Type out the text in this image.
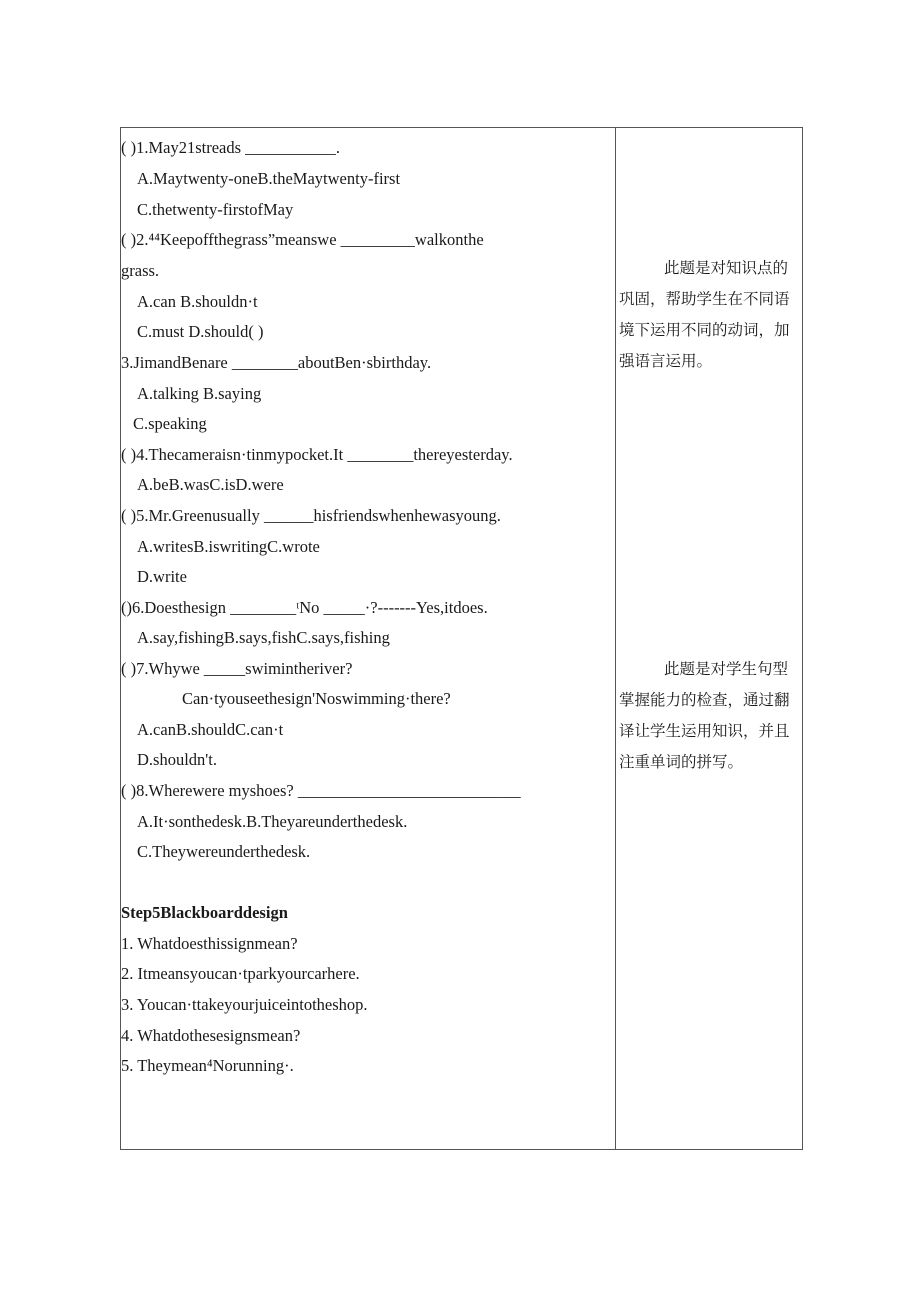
( )1.May21streads ___________.
A.Maytwenty-oneB.theMaytwenty-first
C.thetwenty-firstofMay
( )2.⁴⁴Keepoffthegrass”meanswe _________walkonthe
grass.
A.can B.shouldn·t
C.must D.should( )
3.JimandBenare ________aboutBen·sbirthday.
A.talking B.saying
C.speaking
( )4.Thecameraisn·tinmypocket.It ________thereyesterday.
A.beB.wasC.isD.were
( )5.Mr.Greenusually ______hisfriendswhenhewasyoung.
A.writesB.iswritingC.wrote
D.write
()6.Doesthesign ________ᵗNo _____·?-------Yes,itdoes.
A.say,fishingB.says,fishC.says,fishing
( )7.Whywe _____swimintheriver?
Can·tyouseethesign'Noswimming·there?
A.canB.shouldC.can·t
D.shouldn't.
( )8.Wherewere myshoes? ___________________________
A.It·sonthedesk.B.Theyareunderthedesk.
C.Theywereunderthedesk.
Step5Blackboarddesign
1. Whatdoesthissignmean?
2. Itmeansyoucan·tparkyourcarhere.
3. Youcan·ttakeyourjuiceintotheshop.
4. Whatdothesesignsmean?
5. Theymean⁴Norunning·.
此题是对知识点的巩固，帮助学生在不同语境下运用不同的动词，加强语言运用。
此题是对学生句型掌握能力的检查，通过翻译让学生运用知识，并且注重单词的拼写。
